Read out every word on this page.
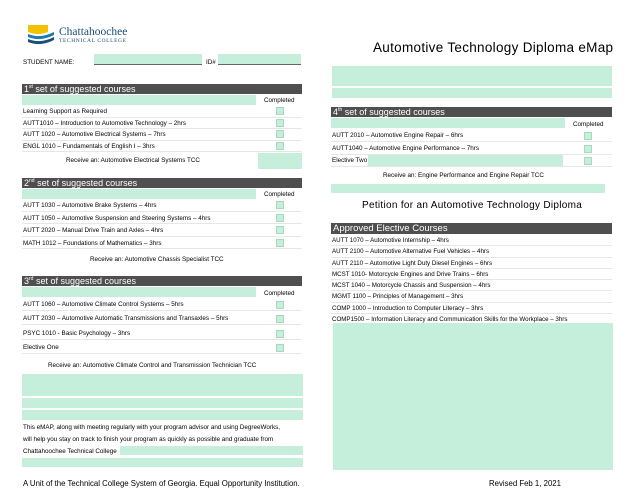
Chattahoochee
TECHNICAL COLLEGE	Automotive Technology Diploma eMap
STUDENT NAME:	ID#
1st set of suggested courses
Completed
Learning Support as Required
AUTT1010 – Introduction to Automotive Technology – 2hrs
AUTT 1020 – Automotive Electrical Systems – 7hrs
ENGL 1010 – Fundamentals of English I – 3hrs
Receive an: Automotive Electrical Systems TCC
2nd set of suggested courses
Completed
AUTT 1030 – Automotive Brake Systems – 4hrs
AUTT 1050 – Automotive Suspension and Steering Systems – 4hrs
AUTT 2020 – Manual Drive Train and Axles – 4hrs
MATH 1012 – Foundations of Mathematics – 3hrs
Receive an: Automotive Chassis Specialist TCC
3rd set of suggested courses
Completed
AUTT 1060 – Automotive Climate Control Systems – 5hrs
AUTT 2030 – Automotive Automatic Transmissions and Transaxles – 5hrs
PSYC 1010 - Basic Psychology – 3hrs
Elective One
Receive an: Automotive Climate Control and Transmission Technician TCC
This eMAP, along with meeting regularly with your program advisor and using DegreeWorks,
will help you stay on track to finish your program as quickly as possible and graduate from
Chattahoochee Technical College
4th set of suggested courses
Completed
AUTT 2010 – Automotive Engine Repair – 6hrs
AUTT1040 – Automotive Engine Performance – 7hrs
Elective Two
Receive an: Engine Performance and Engine Repair TCC
Petition for an Automotive Technology Diploma
Approved Elective Courses
AUTT 1070 – Automotive Internship – 4hrs
AUTT 2100 – Automotive Alternative Fuel Vehicles – 4hrs
AUTT 2110 – Automotive Light Duty Diesel Engines – 6hrs
MCST 1010- Motorcycle Engines and Drive Trains – 6hrs
MCST 1040 – Motorcycle Chassis and Suspension – 4hrs
MGMT 1100 – Principles of Management – 3hrs
COMP 1000 – Introduction to Computer Literacy – 3hrs
COMP1500 – Information Literacy and Communication Skills for the Workplace – 3hrs
A Unit of the Technical College System of Georgia. Equal Opportunity Institution.	Revised Feb 1, 2021
